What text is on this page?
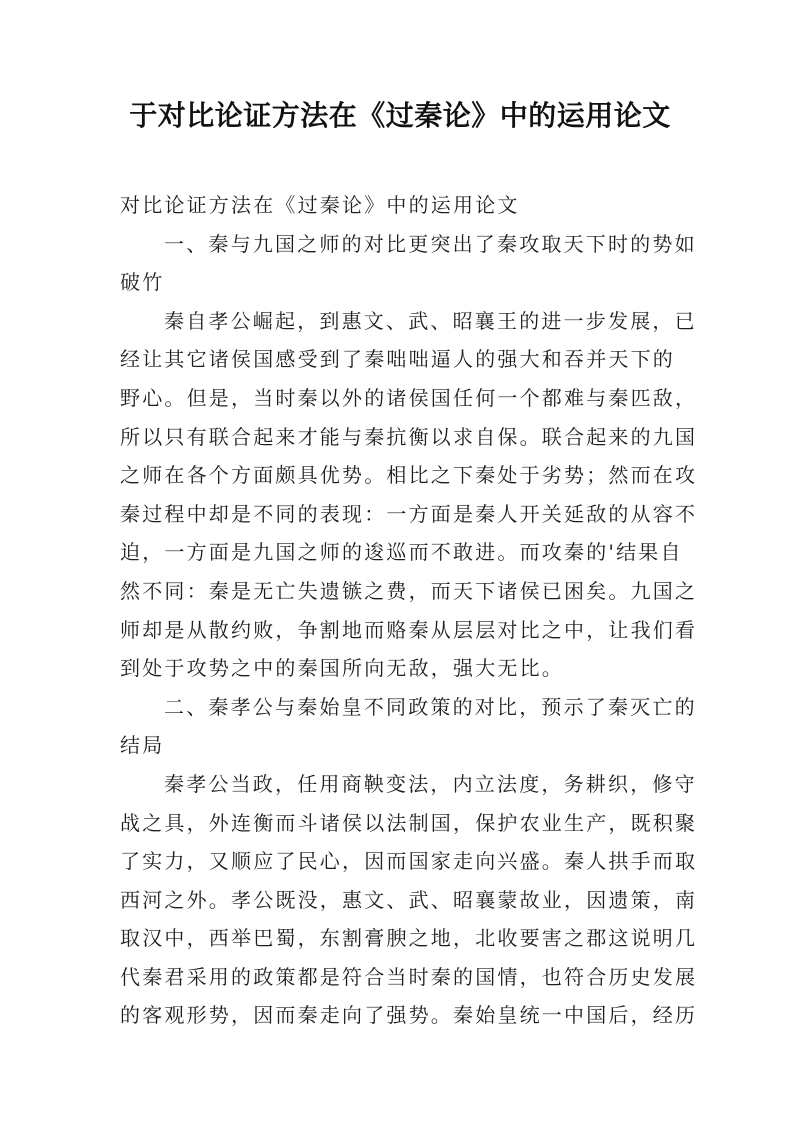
于对比论证方法在《过秦论》中的运用论文

对比论证方法在《过秦论》中的运用论文

一、秦与九国之师的对比更突出了秦攻取天下时的势如

破竹

秦自孝公崛起，到惠文、武、昭襄王的进一步发展，已

经让其它诸侯国感受到了秦咄咄逼人的强大和吞并天下的

野心。但是，当时秦以外的诸侯国任何一个都难与秦匹敌，

所以只有联合起来才能与秦抗衡以求自保。联合起来的九国

之师在各个方面颇具优势。相比之下秦处于劣势；然而在攻

秦过程中却是不同的表现：一方面是秦人开关延敌的从容不

迫，一方面是九国之师的逡巡而不敢进。而攻秦的'结果自

然不同：秦是无亡失遗镞之费，而天下诸侯已困矣。九国之

师却是从散约败，争割地而赂秦从层层对比之中，让我们看

到处于攻势之中的秦国所向无敌，强大无比。

二、秦孝公与秦始皇不同政策的对比，预示了秦灭亡的

结局

秦孝公当政，任用商鞅变法，内立法度，务耕织，修守

战之具，外连衡而斗诸侯以法制国，保护农业生产，既积聚

了实力，又顺应了民心，因而国家走向兴盛。秦人拱手而取

西河之外。孝公既没，惠文、武、昭襄蒙故业，因遗策，南

取汉中，西举巴蜀，东割膏腴之地，北收要害之郡这说明几

代秦君采用的政策都是符合当时秦的国情，也符合历史发展

的客观形势，因而秦走向了强势。秦始皇统一中国后，经历
